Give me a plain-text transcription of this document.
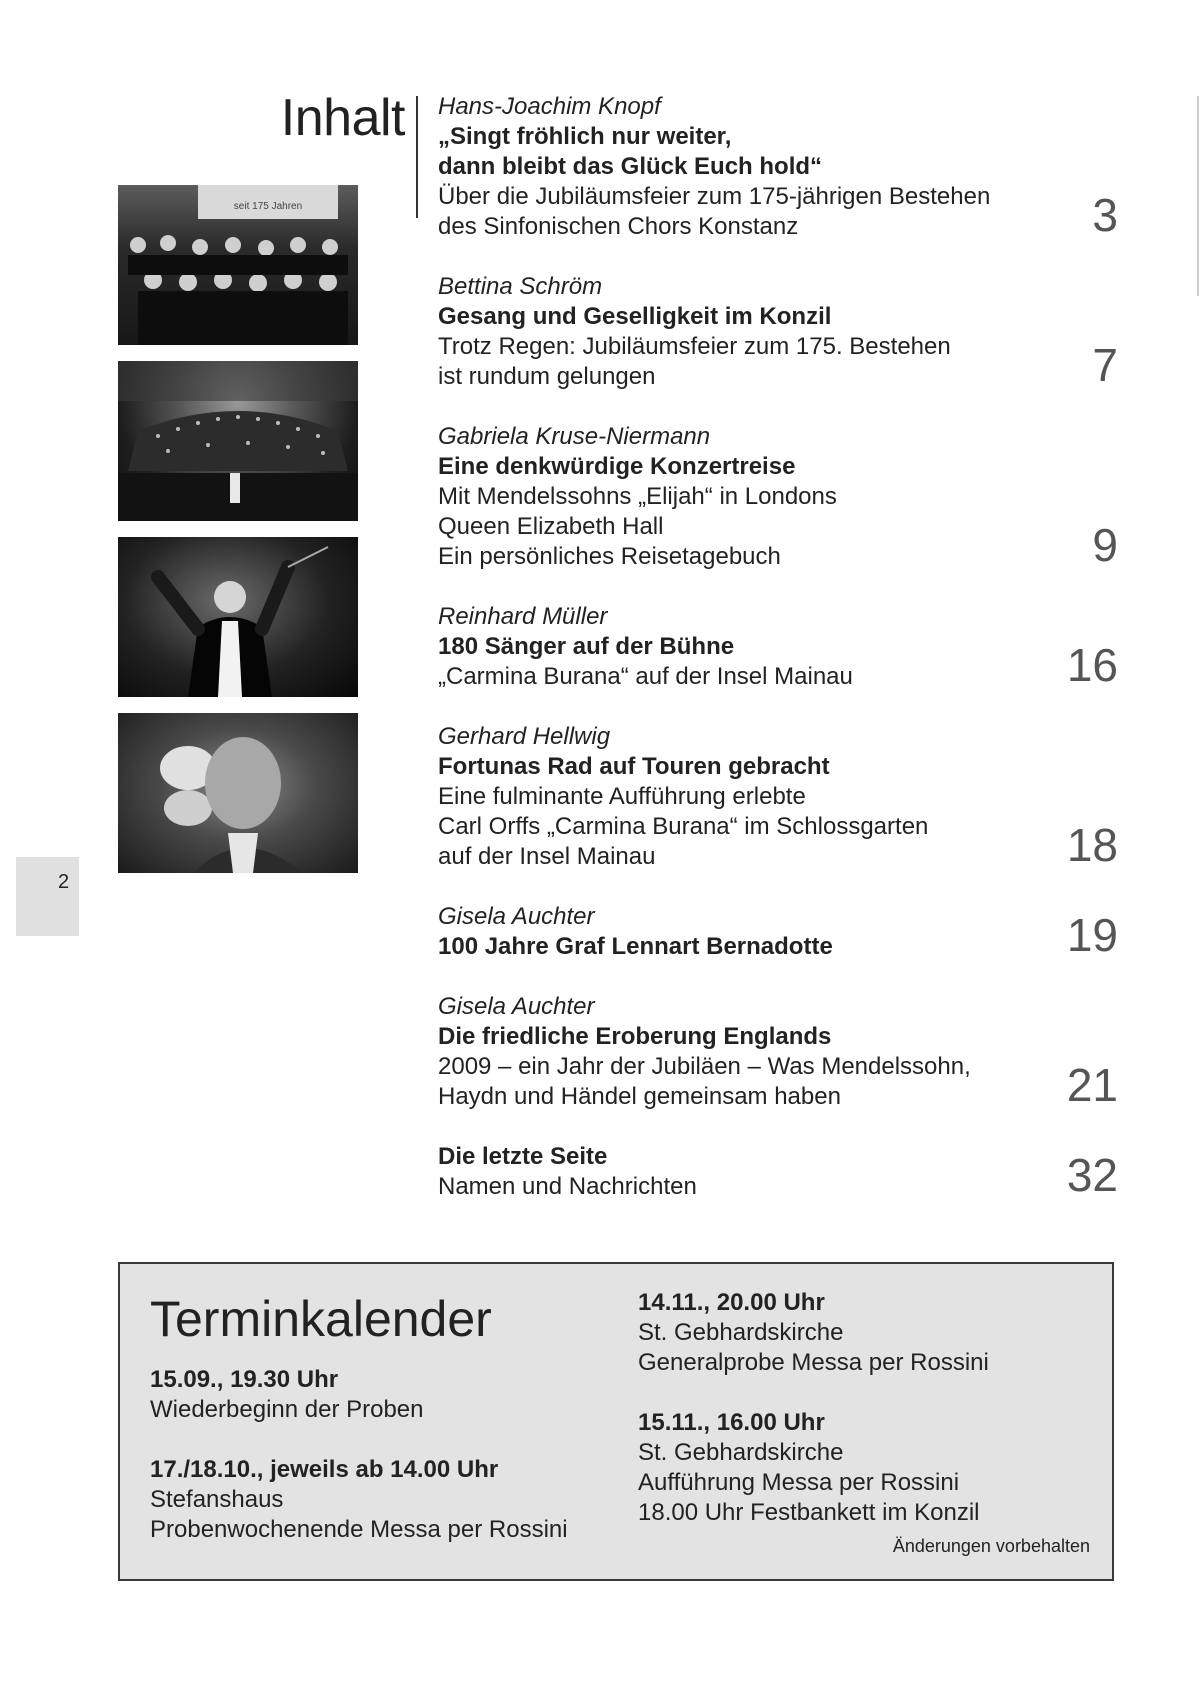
Inhalt
2
seit 175 Jahren
Hans-Joachim Knopf
„Singt fröhlich nur weiter,
dann bleibt das Glück Euch hold“
Über die Jubiläumsfeier zum 175-jährigen Bestehen
des Sinfonischen Chors Konstanz	3
Bettina Schröm
Gesang und Geselligkeit im Konzil
Trotz Regen: Jubiläumsfeier zum 175. Bestehen
ist rundum gelungen	7
Gabriela Kruse-Niermann
Eine denkwürdige Konzertreise
Mit Mendelssohns „Elijah“ in Londons
Queen Elizabeth Hall
Ein persönliches Reisetagebuch	9
Reinhard Müller
180 Sänger auf der Bühne
„Carmina Burana“ auf der Insel Mainau	16
Gerhard Hellwig
Fortunas Rad auf Touren gebracht
Eine fulminante Aufführung erlebte
Carl Orffs „Carmina Burana“ im Schlossgarten
auf der Insel Mainau	18
Gisela Auchter
100 Jahre Graf Lennart Bernadotte	19
Gisela Auchter
Die friedliche Eroberung Englands
2009 – ein Jahr der Jubiläen – Was Mendelssohn,
Haydn und Händel gemeinsam haben	21
Die letzte Seite
Namen und Nachrichten	32
Terminkalender
15.09., 19.30 Uhr
Wiederbeginn der Proben
17./18.10., jeweils ab 14.00 Uhr
Stefanshaus
Probenwochenende Messa per Rossini
14.11., 20.00 Uhr
St. Gebhardskirche
Generalprobe Messa per Rossini
15.11., 16.00 Uhr
St. Gebhardskirche
Aufführung Messa per Rossini
18.00 Uhr Festbankett im Konzil
Änderungen vorbehalten
